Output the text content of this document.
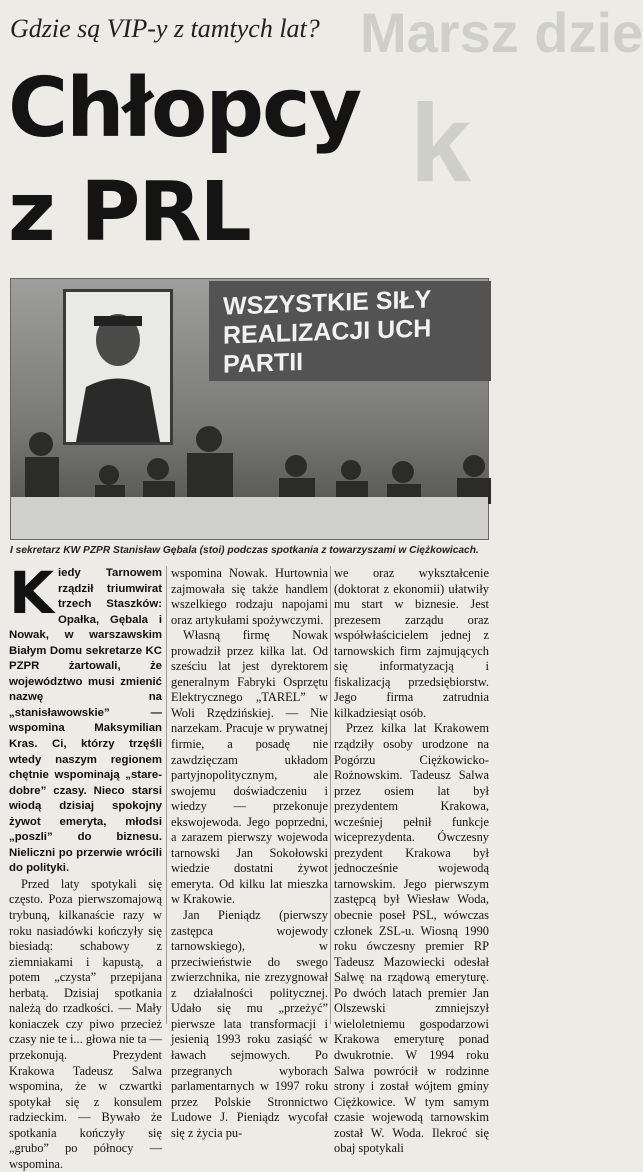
Marsz dzie
k
Gdzie są VIP-y z tamtych lat?
Chłopcy
z PRL
WSZYSTKIE SIŁY
REALIZACJI UCH
PARTII
I sekretarz KW PZPR Stanisław Gębala (stoi) podczas spotkania z towarzyszami w Ciężkowicach.

Kiedy Tarnowem rządził triumwirat trzech Staszków: Opałka, Gębala i Nowak, w warszawskim Białym Domu sekretarze KC PZPR żartowali, że województwo musi zmienić nazwę na „stanisławowskie” — wspomina Maksymilian Kras. Ci, którzy trzęśli wtedy naszym regionem chętnie wspominają „stare-dobre” czasy. Nieco starsi wiodą dzisiaj spokojny żywot emeryta, młodsi „poszli” do biznesu. Nieliczni po przerwie wrócili do polityki.

Przed laty spotykali się często. Poza pierwszomajową trybuną, kilkanaście razy w roku nasiadówki kończyły się biesiadą: schabowy z ziemniakami i kapustą, a potem „czysta” przepijana herbatą. Dzisiaj spotkania należą do rzadkości. — Mały koniaczek czy piwo przecież czasy nie te i... głowa nie ta — przekonują. Prezydent Krakowa Tadeusz Salwa wspomina, że w czwartki spotykał się z konsulem radzieckim. — Bywało że spotkania kończyły się „grubo” po północy — wspomina.

wspomina Nowak. Hurtownia zajmowała się także handlem wszelkiego rodzaju napojami oraz artykułami spożywczymi.

Własną firmę Nowak prowadził przez kilka lat. Od sześciu lat jest dyrektorem generalnym Fabryki Osprzętu Elektrycznego „TAREL” w Woli Rzędzińskiej. — Nie narzekam. Pracuje w prywatnej firmie, a posadę nie zawdzięczam układom partyjnopolitycznym, ale swojemu doświadczeniu i wiedzy — przekonuje ekswojewoda. Jego poprzedni, a zarazem pierwszy wojewoda tarnowski Jan Sokołowski wiedzie dostatni żywot emeryta. Od kilku lat mieszka w Krakowie.

Jan Pieniądz (pierwszy zastępca wojewody tarnowskiego), w przeciwieństwie do swego zwierzchnika, nie zrezygnował z działalności politycznej. Udało się mu „przeżyć” pierwsze lata transformacji i jesienią 1993 roku zasiąść w ławach sejmowych. Po przegranych wyborach parlamentarnych w 1997 roku przez Polskie Stronnictwo Ludowe J. Pieniądz wycofał się z życia pu-

we oraz wykształcenie (doktorat z ekonomii) ułatwiły mu start w biznesie. Jest prezesem zarządu oraz współwłaścicielem jednej z tarnowskich firm zajmujących się informatyzacją i fiskalizacją przedsiębiorstw. Jego firma zatrudnia kilkadziesiąt osób.

Przez kilka lat Krakowem rządziły osoby urodzone na Pogórzu Ciężkowicko-Rożnowskim. Tadeusz Salwa przez osiem lat był prezydentem Krakowa, wcześniej pełnił funkcje wiceprezydenta. Ówczesny prezydent Krakowa był jednocześnie wojewodą tarnowskim. Jego pierwszym zastępcą był Wiesław Woda, obecnie poseł PSL, wówczas członek ZSL-u. Wiosną 1990 roku ówczesny premier RP Tadeusz Mazowiecki odesłał Salwę na rządową emeryturę. Po dwóch latach premier Jan Olszewski zmniejszył wieloletniemu gospodarzowi Krakowa emeryturę ponad dwukrotnie. W 1994 roku Salwa powrócił w rodzinne strony i został wójtem gminy Ciężkowice. W tym samym czasie wojewodą tarnowskim został W. Woda. Ilekroć się obaj spotykali
